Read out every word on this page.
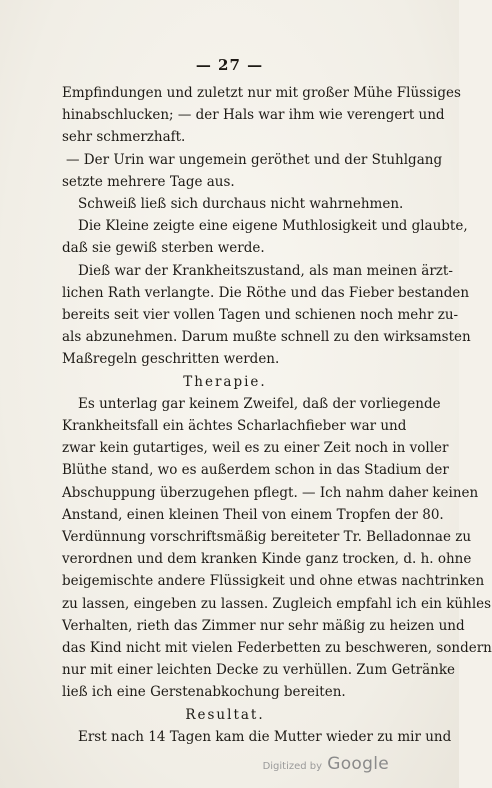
— 27 —
Empfindungen und zuletzt nur mit großer Mühe Flüssiges
hinabschlucken; — der Hals war ihm wie verengert und
sehr schmerzhaft.
— Der Urin war ungemein geröthet und der Stuhlgang
setzte mehrere Tage aus.
Schweiß ließ sich durchaus nicht wahrnehmen.
Die Kleine zeigte eine eigene Muthlosigkeit und glaubte,
daß sie gewiß sterben werde.
Dieß war der Krankheitszustand, als man meinen ärzt-
lichen Rath verlangte. Die Röthe und das Fieber bestanden
bereits seit vier vollen Tagen und schienen noch mehr zu-
als abzunehmen. Darum mußte schnell zu den wirksamsten
Maßregeln geschritten werden.
Therapie.
Es unterlag gar keinem Zweifel, daß der vorliegende
Krankheitsfall ein ächtes Scharlachfieber war und
zwar kein gutartiges, weil es zu einer Zeit noch in voller
Blüthe stand, wo es außerdem schon in das Stadium der
Abschuppung überzugehen pflegt. — Ich nahm daher keinen
Anstand, einen kleinen Theil von einem Tropfen der 80.
Verdünnung vorschriftsmäßig bereiteter Tr. Belladonnae zu
verordnen und dem kranken Kinde ganz trocken, d. h. ohne
beigemischte andere Flüssigkeit und ohne etwas nachtrinken
zu lassen, eingeben zu lassen. Zugleich empfahl ich ein kühles
Verhalten, rieth das Zimmer nur sehr mäßig zu heizen und
das Kind nicht mit vielen Federbetten zu beschweren, sondern
nur mit einer leichten Decke zu verhüllen. Zum Getränke
ließ ich eine Gerstenabkochung bereiten.
Resultat.
Erst nach 14 Tagen kam die Mutter wieder zu mir und
Digitized by Google
